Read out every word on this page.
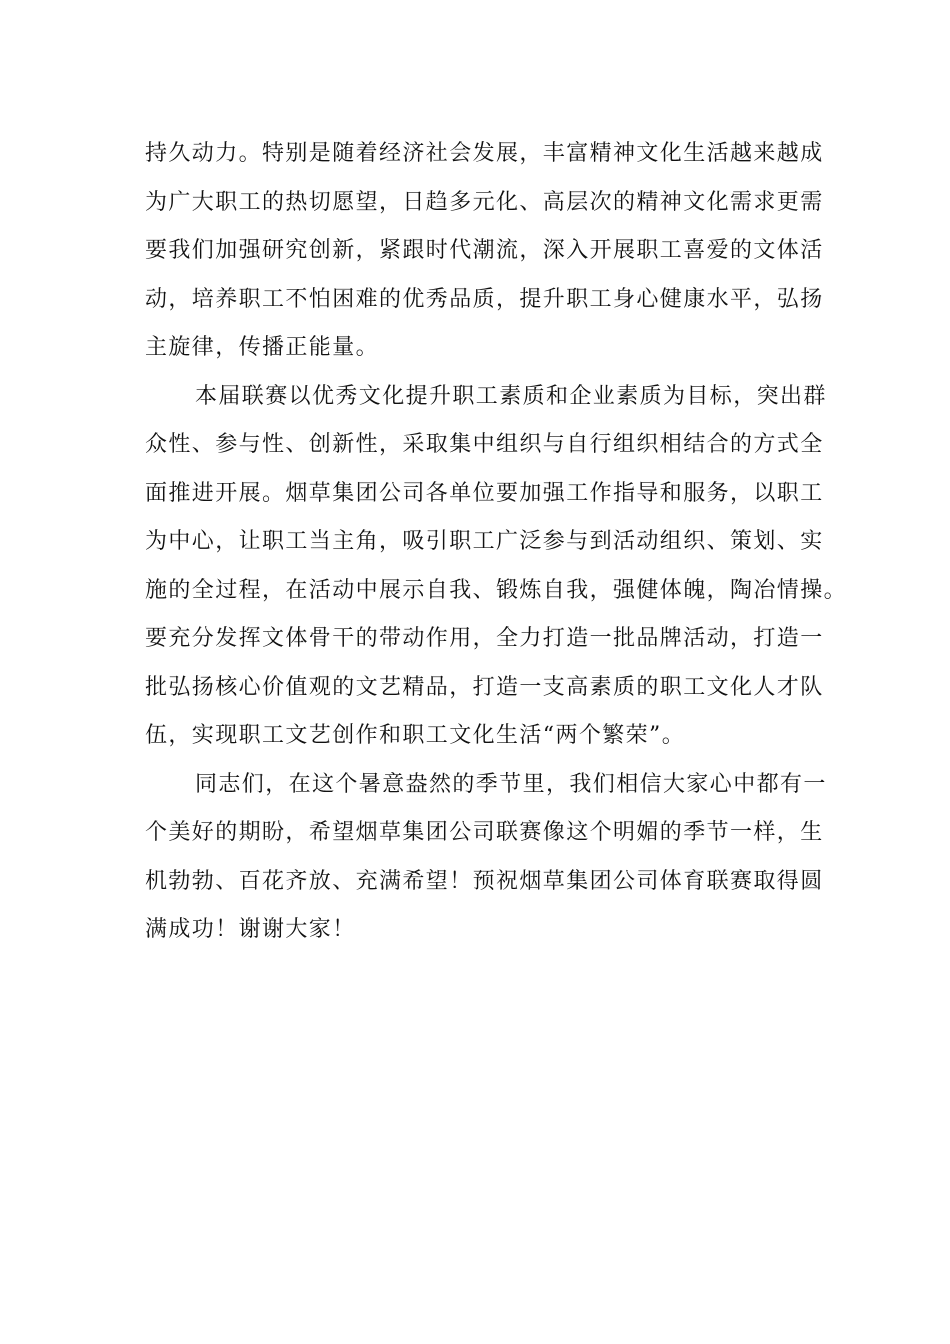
持久动力。特别是随着经济社会发展，丰富精神文化生活越来越成
为广大职工的热切愿望，日趋多元化、高层次的精神文化需求更需
要我们加强研究创新，紧跟时代潮流，深入开展职工喜爱的文体活
动，培养职工不怕困难的优秀品质，提升职工身心健康水平，弘扬
主旋律，传播正能量。
本届联赛以优秀文化提升职工素质和企业素质为目标，突出群
众性、参与性、创新性，采取集中组织与自行组织相结合的方式全
面推进开展。烟草集团公司各单位要加强工作指导和服务，以职工
为中心，让职工当主角，吸引职工广泛参与到活动组织、策划、实
施的全过程，在活动中展示自我、锻炼自我，强健体魄，陶冶情操。
要充分发挥文体骨干的带动作用，全力打造一批品牌活动，打造一
批弘扬核心价值观的文艺精品，打造一支高素质的职工文化人才队
伍，实现职工文艺创作和职工文化生活“两个繁荣”。
同志们，在这个暑意盎然的季节里，我们相信大家心中都有一
个美好的期盼，希望烟草集团公司联赛像这个明媚的季节一样，生
机勃勃、百花齐放、充满希望！预祝烟草集团公司体育联赛取得圆
满成功！谢谢大家！
